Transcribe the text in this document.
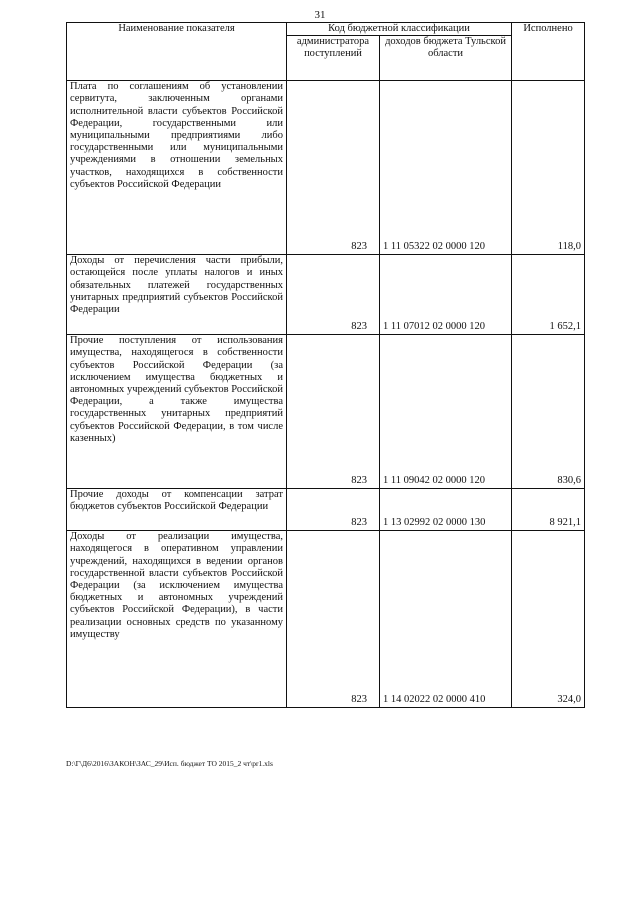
31
Наименование показателя	Код бюджетной классификации		Исполнено
	администратора поступлений	доходов бюджета Тульской области	
Плата по соглашениям об установлении сервитута, заключенным органами исполнительной власти субъектов Российской Федерации, государственными или муниципальными предприятиями либо государственными или муниципальными учреждениями в отношении земельных участков, находящихся в собственности субъектов Российской Федерации	823	1 11 05322 02 0000 120	118,0
Доходы от перечисления части прибыли, остающейся после уплаты налогов и иных обязательных платежей государственных унитарных предприятий субъектов Российской Федерации	823	1 11 07012 02 0000 120	1 652,1
Прочие поступления от использования имущества, находящегося в собственности субъектов Российской Федерации (за исключением имущества бюджетных и автономных учреждений субъектов Российской Федерации, а также имущества государственных унитарных предприятий субъектов Российской Федерации, в том числе казенных)	823	1 11 09042 02 0000 120	830,6
Прочие доходы от компенсации затрат бюджетов субъектов Российской Федерации	823	1 13 02992 02 0000 130	8 921,1
Доходы от реализации имущества, находящегося в оперативном управлении учреждений, находящихся в ведении органов государственной власти субъектов Российской Федерации (за исключением имущества бюджетных и автономных учреждений субъектов Российской Федерации), в части реализации основных средств по указанному имуществу	823	1 14 02022 02 0000 410	324,0
D:\Г\Д6\2016\ЗАКОН\ЗАС_29\Исп. бюджет ТО 2015_2 чт\pr1.xls
